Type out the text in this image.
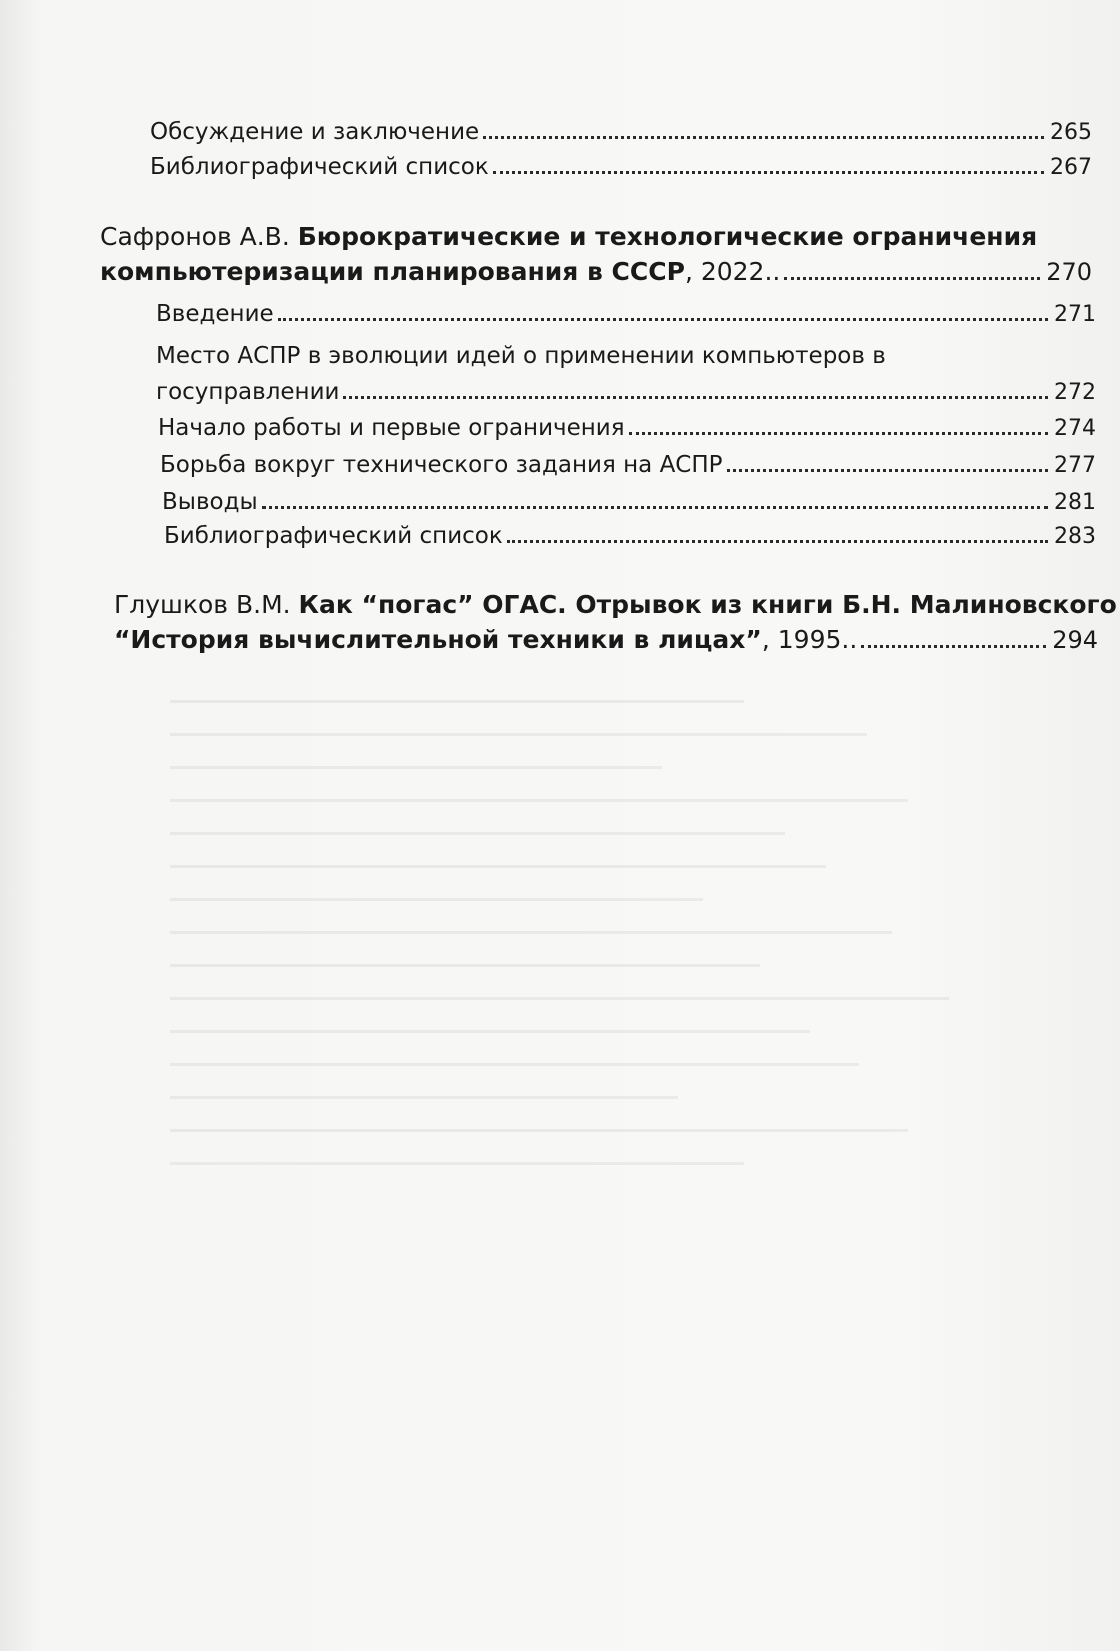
Обсуждение и заключение	265
Библиографический список	267
Сафронов А.В. Бюрократические и технологические ограничения
компьютеризации планирования в СССР , 2022..	270
Введение	271
Место АСПР в эволюции идей о применении компьютеров в
госуправлении	272
Начало работы и первые ограничения	274
Борьба вокруг технического задания на АСПР	277
Выводы	281
Библиографический список	283
Глушков В.М. Как “погас” ОГАС. Отрывок из книги Б.Н. Малиновского
“История вычислительной техники в лицах” , 1995..	294
